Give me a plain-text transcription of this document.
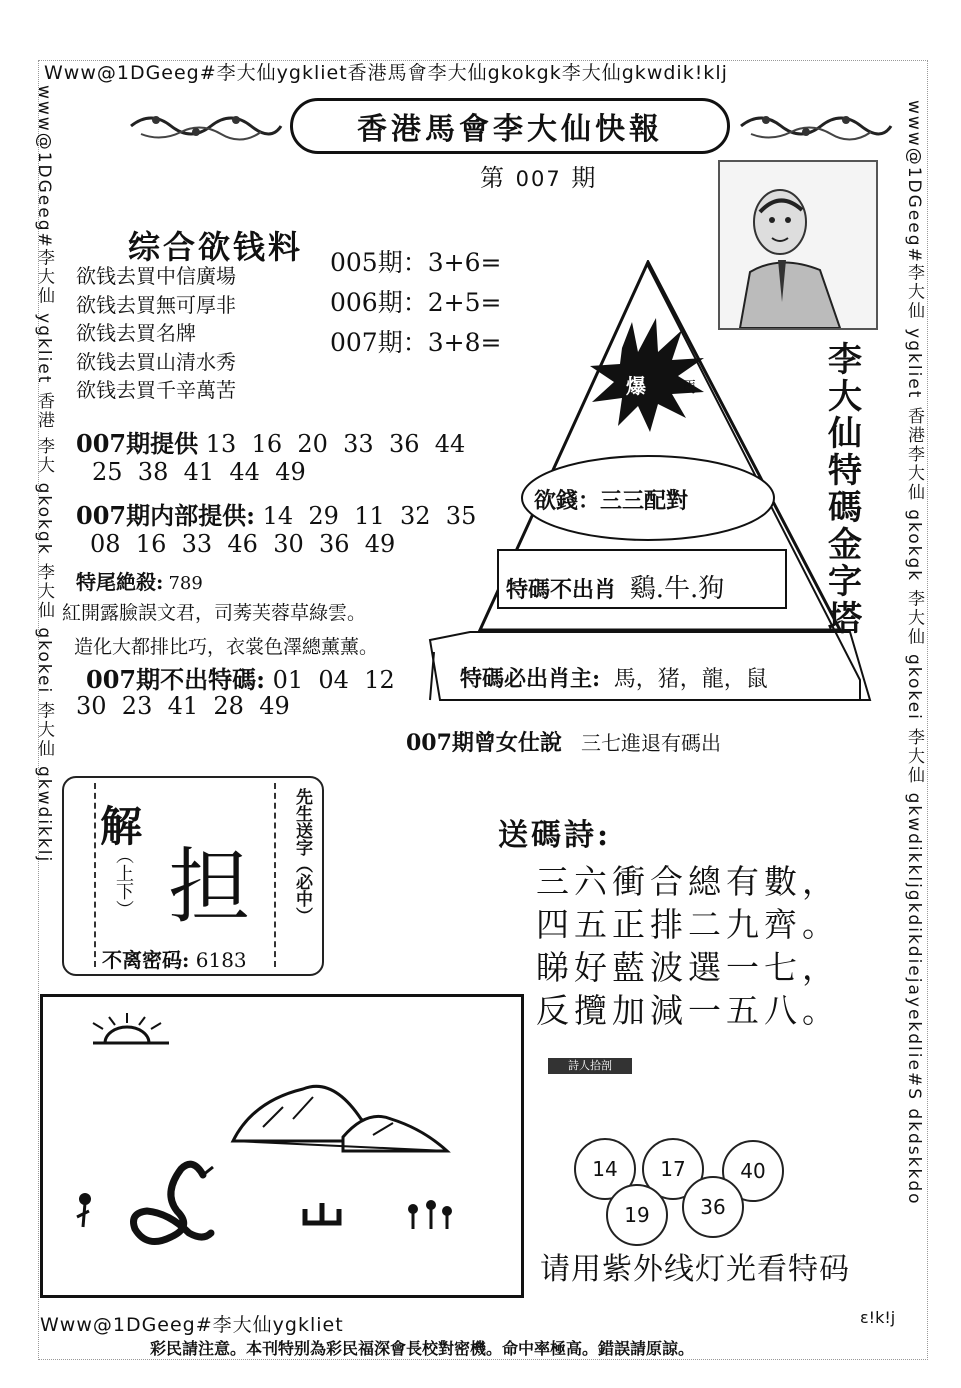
Www@1DGeeg#李大仙ygkliet香港馬會李大仙gkokgk李大仙gkwdik!klj
www@1DGeeg#李大仙 ygkliet 香港 李大 gkokgk 李大仙 gkokei 李大仙 gkwdikklj	www@1DGeeg#李大仙 ygkliet 香港李大仙 gkokgk 李大仙 gkokei 李大仙 gkwdikkljgkdikdiejayekdlie#S dkdskkdo
香港馬會李大仙快報
第 007 期
李大仙特碼金字塔
综合欲钱料
欲钱去買中信廣場
欲钱去買無可厚非
欲钱去買名牌
欲钱去買山清水秀
欲钱去買千辛萬苦
005期：3+6=
006期：2+5=
007期：3+8=
007期提供 13  16  20  33  36  44
25  38  41  44  49
007期内部提供: 14  29  11  32  35
08  16  33  46  30  36  49
特尾絶殺: 789
紅開露臉誤文君，司莠芙蓉草綠雲。
造化大都排比巧，衣裳色澤總薰薰。
007期不出特碼: 01  04  12
30  23  41  28  49
爆 馬
欲錢：三三配對
特碼不出肖 鷄.牛.狗
特碼必出肖主: 馬，猪，龍，鼠
007期曾女仕說 三七進退有碼出
解
（上下） 担	先生送字（必中）
不离密码: 6183
送碼詩:
三六衝合總有數，
四五正排二九齊。
睇好藍波選一七，
反攬加減一五八。
詩人拾剖
14	17	40
19	36
请用紫外线灯光看特码
Www@1DGeeg#李大仙ygkliet	ε!k!j
彩民請注意。本刊特别為彩民福深會長校對密機。命中率極高。錯誤請原諒。
